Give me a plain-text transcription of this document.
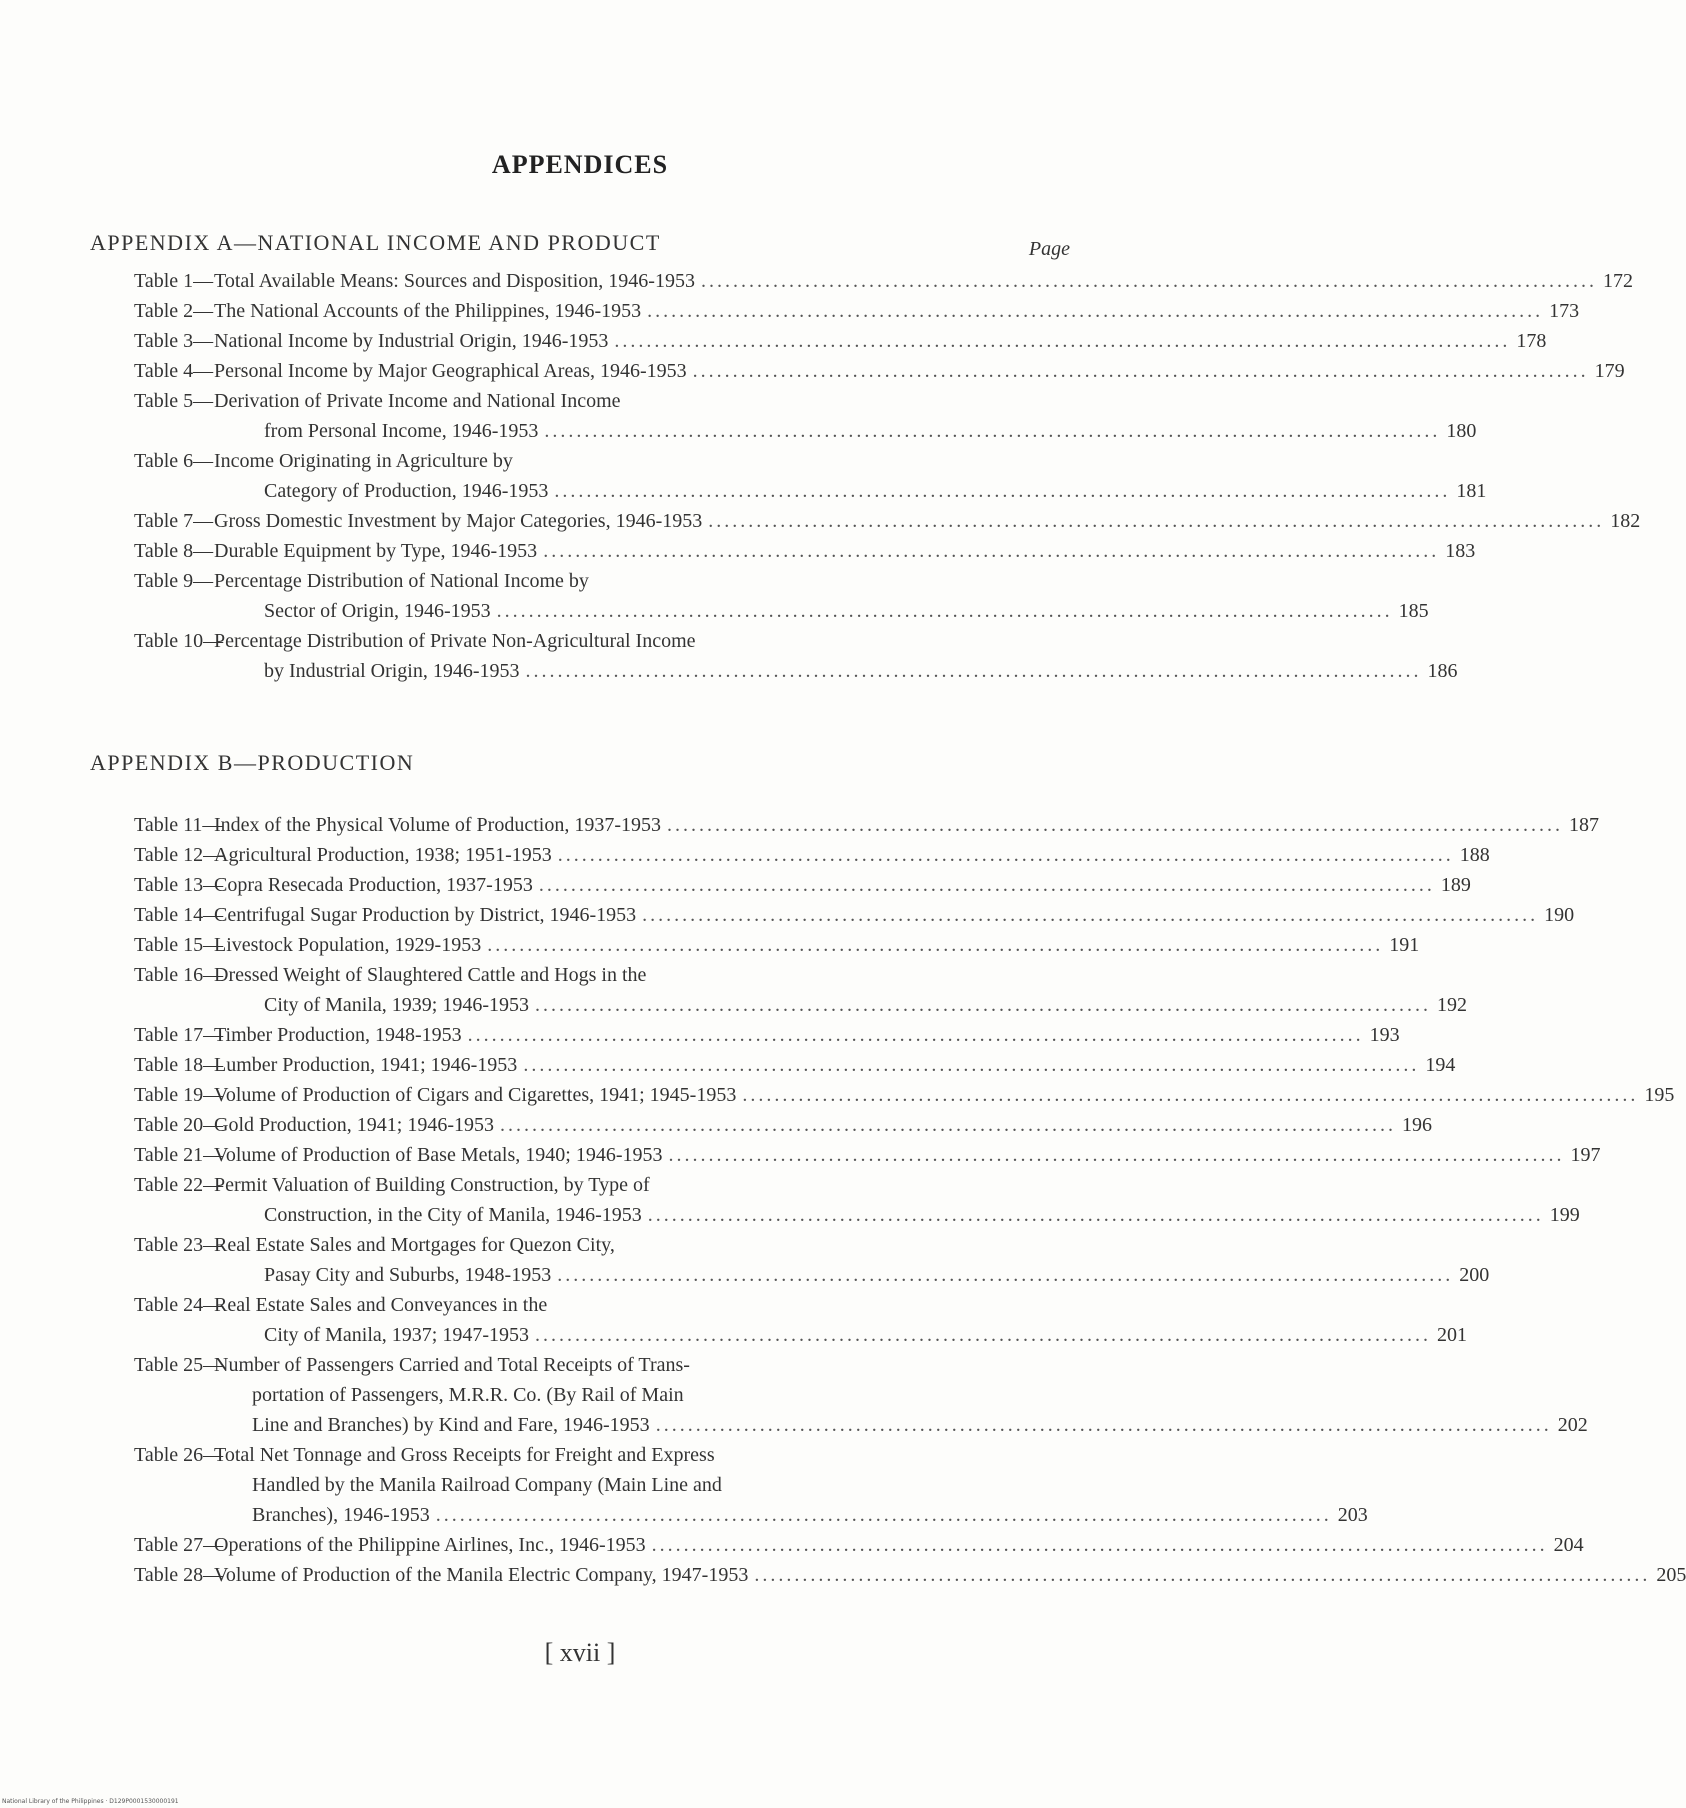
APPENDICES
APPENDIX A—NATIONAL INCOME AND PRODUCT	Page
Table 1— Total Available Means: Sources and Disposition, 1946-1953 .....	172
Table 2— The National Accounts of the Philippines, 1946-1953 .....	173
Table 3— National Income by Industrial Origin, 1946-1953 .....	178
Table 4— Personal Income by Major Geographical Areas, 1946-1953 .....	179
Table 5— Derivation of Private Income and National Income
from Personal Income, 1946-1953 .....	180
Table 6— Income Originating in Agriculture by
Category of Production, 1946-1953 .....	181
Table 7— Gross Domestic Investment by Major Categories, 1946-1953 .....	182
Table 8— Durable Equipment by Type, 1946-1953 .....	183
Table 9— Percentage Distribution of National Income by
Sector of Origin, 1946-1953 .....	185
Table 10—
Percentage Distribution of Private Non-Agricultural Income
by Industrial Origin, 1946-1953 .....	186
APPENDIX B—PRODUCTION
Table 11—
Index of the Physical Volume of Production, 1937-1953 .....	187
Table 12—
Agricultural Production, 1938; 1951-1953 .....	188
Table 13—
Copra Resecada Production, 1937-1953 .....	189
Table 14—
Centrifugal Sugar Production by District, 1946-1953 .....	190
Table 15—
Livestock Population, 1929-1953 .....	191
Table 16—
Dressed Weight of Slaughtered Cattle and Hogs in the
City of Manila, 1939; 1946-1953 .....	192
Table 17—
Timber Production, 1948-1953 .....	193
Table 18—
Lumber Production, 1941; 1946-1953 .....	194
Table 19—
Volume of Production of Cigars and Cigarettes, 1941; 1945-1953 .....	195
Table 20—
Gold Production, 1941; 1946-1953 .....	196
Table 21—
Volume of Production of Base Metals, 1940; 1946-1953 .....	197
Table 22—
Permit Valuation of Building Construction, by Type of
Construction, in the City of Manila, 1946-1953 .....	199
Table 23—
Real Estate Sales and Mortgages for Quezon City,
Pasay City and Suburbs, 1948-1953 .....	200
Table 24—
Real Estate Sales and Conveyances in the
City of Manila, 1937; 1947-1953 .....	201
Table 25—
Number of Passengers Carried and Total Receipts of Trans-
portation of Passengers, M.R.R. Co. (By Rail of Main
Line and Branches) by Kind and Fare, 1946-1953 .....	202
Table 26—
Total Net Tonnage and Gross Receipts for Freight and Express
Handled by the Manila Railroad Company (Main Line and
Branches), 1946-1953 .....	203
Table 27—
Operations of the Philippine Airlines, Inc., 1946-1953 .....	204
Table 28—
Volume of Production of the Manila Electric Company, 1947-1953 .....	205
[ xvii ]
National Library of the Philippines · D129P0001530000191
